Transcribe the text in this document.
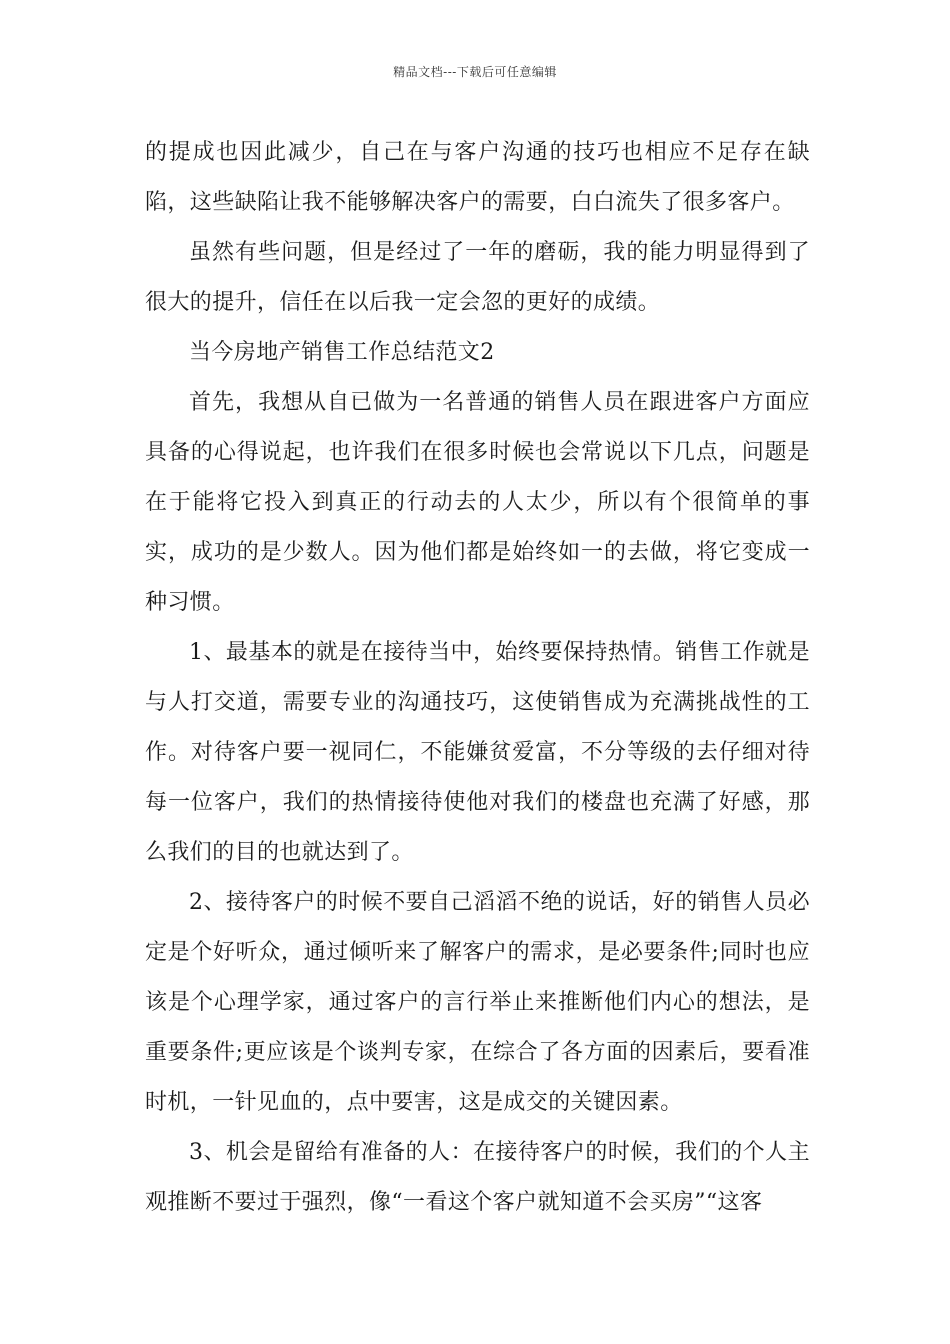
精品文档---下载后可任意编辑

的提成也因此减少，自己在与客户沟通的技巧也相应不足存在缺陷，这些缺陷让我不能够解决客户的需要，白白流失了很多客户。

虽然有些问题，但是经过了一年的磨砺，我的能力明显得到了很大的提升，信任在以后我一定会忽的更好的成绩。

当今房地产销售工作总结范文2

首先，我想从自已做为一名普通的销售人员在跟进客户方面应具备的心得说起，也许我们在很多时候也会常说以下几点，问题是在于能将它投入到真正的行动去的人太少，所以有个很简单的事实，成功的是少数人。因为他们都是始终如一的去做，将它变成一种习惯。

1、最基本的就是在接待当中，始终要保持热情。销售工作就是与人打交道，需要专业的沟通技巧，这使销售成为充满挑战性的工作。对待客户要一视同仁，不能嫌贫爱富，不分等级的去仔细对待每一位客户，我们的热情接待使他对我们的楼盘也充满了好感，那么我们的目的也就达到了。

2、接待客户的时候不要自己滔滔不绝的说话，好的销售人员必定是个好听众，通过倾听来了解客户的需求，是必要条件;同时也应该是个心理学家，通过客户的言行举止来推断他们内心的想法，是重要条件;更应该是个谈判专家，在综合了各方面的因素后，要看准时机，一针见血的，点中要害，这是成交的关键因素。

3、机会是留给有准备的人：在接待客户的时候，我们的个人主观推断不要过于强烈，像“一看这个客户就知道不会买房”“这客
